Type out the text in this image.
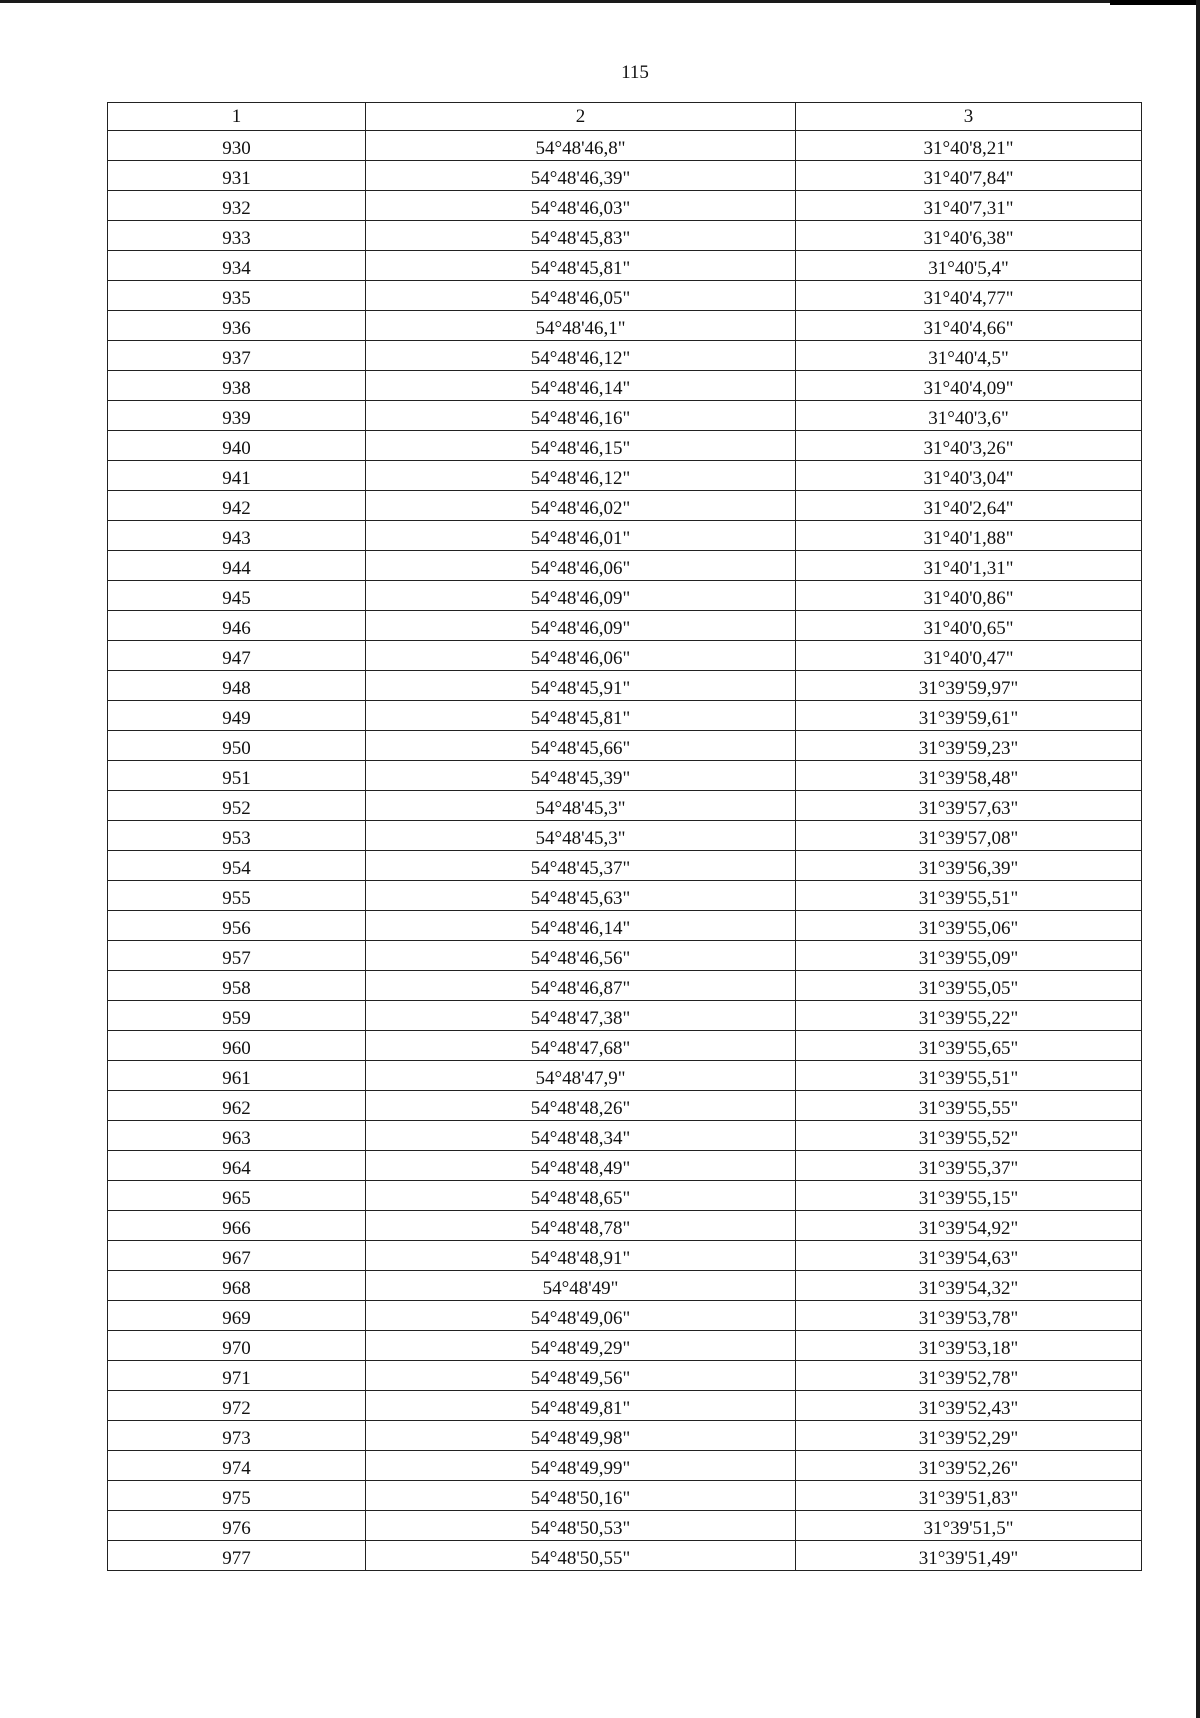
115
1	2	3
930	54°48'46,8"	31°40'8,21"
931	54°48'46,39"	31°40'7,84"
932	54°48'46,03"	31°40'7,31"
933	54°48'45,83"	31°40'6,38"
934	54°48'45,81"	31°40'5,4"
935	54°48'46,05"	31°40'4,77"
936	54°48'46,1"	31°40'4,66"
937	54°48'46,12"	31°40'4,5"
938	54°48'46,14"	31°40'4,09"
939	54°48'46,16"	31°40'3,6"
940	54°48'46,15"	31°40'3,26"
941	54°48'46,12"	31°40'3,04"
942	54°48'46,02"	31°40'2,64"
943	54°48'46,01"	31°40'1,88"
944	54°48'46,06"	31°40'1,31"
945	54°48'46,09"	31°40'0,86"
946	54°48'46,09"	31°40'0,65"
947	54°48'46,06"	31°40'0,47"
948	54°48'45,91"	31°39'59,97"
949	54°48'45,81"	31°39'59,61"
950	54°48'45,66"	31°39'59,23"
951	54°48'45,39"	31°39'58,48"
952	54°48'45,3"	31°39'57,63"
953	54°48'45,3"	31°39'57,08"
954	54°48'45,37"	31°39'56,39"
955	54°48'45,63"	31°39'55,51"
956	54°48'46,14"	31°39'55,06"
957	54°48'46,56"	31°39'55,09"
958	54°48'46,87"	31°39'55,05"
959	54°48'47,38"	31°39'55,22"
960	54°48'47,68"	31°39'55,65"
961	54°48'47,9"	31°39'55,51"
962	54°48'48,26"	31°39'55,55"
963	54°48'48,34"	31°39'55,52"
964	54°48'48,49"	31°39'55,37"
965	54°48'48,65"	31°39'55,15"
966	54°48'48,78"	31°39'54,92"
967	54°48'48,91"	31°39'54,63"
968	54°48'49"	31°39'54,32"
969	54°48'49,06"	31°39'53,78"
970	54°48'49,29"	31°39'53,18"
971	54°48'49,56"	31°39'52,78"
972	54°48'49,81"	31°39'52,43"
973	54°48'49,98"	31°39'52,29"
974	54°48'49,99"	31°39'52,26"
975	54°48'50,16"	31°39'51,83"
976	54°48'50,53"	31°39'51,5"
977	54°48'50,55"	31°39'51,49"
